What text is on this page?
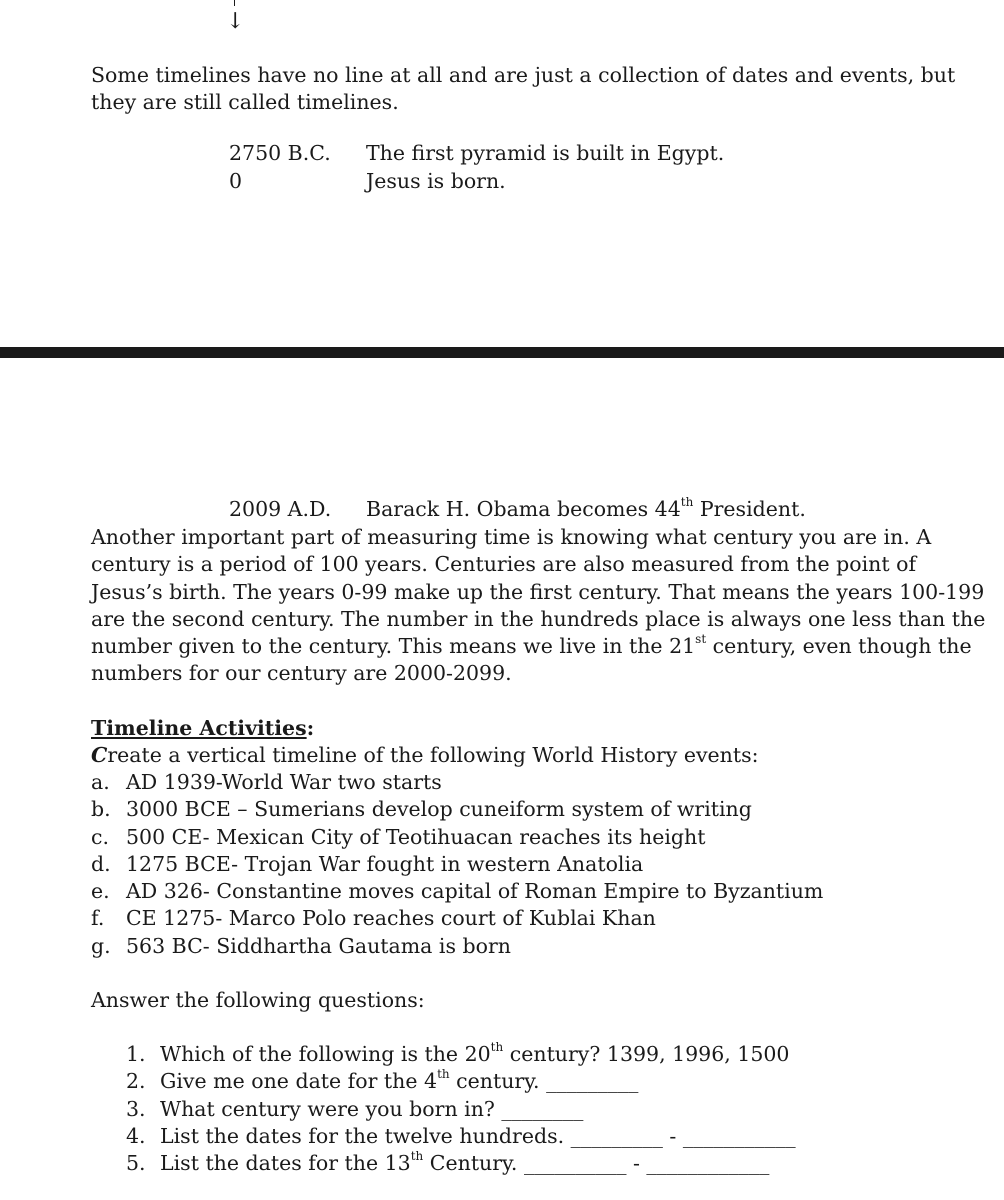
↓
Some timelines have no line at all and are just a collection of dates and events, but they are still called timelines.
2750 B.C. The first pyramid is built in Egypt.
0	Jesus is born.
2009 A.D. Barack H. Obama becomes 44th President.
Another important part of measuring time is knowing what century you are in. A century is a period of 100 years. Centuries are also measured from the point of Jesus’s birth. The years 0-99 make up the first century. That means the years 100-199 are the second century. The number in the hundreds place is always one less than the number given to the century. This means we live in the 21st century, even though the numbers for our century are 2000-2099.
Timeline Activities:
Create a vertical timeline of the following World History events:
a. AD 1939-World War two starts
b. 3000 BCE – Sumerians develop cuneiform system of writing
c. 500 CE- Mexican City of Teotihuacan reaches its height
d. 1275 BCE- Trojan War fought in western Anatolia
e. AD 326- Constantine moves capital of Roman Empire to Byzantium
f.	CE 1275- Marco Polo reaches court of Kublai Khan
g. 563 BC- Siddhartha Gautama is born
Answer the following questions:
1. Which of the following is the 20th century? 1399, 1996, 1500
2. Give me one date for the 4th century. _________
3. What century were you born in? ________
4. List the dates for the twelve hundreds. _________ - ___________
5. List the dates for the 13th Century. __________ - ____________
